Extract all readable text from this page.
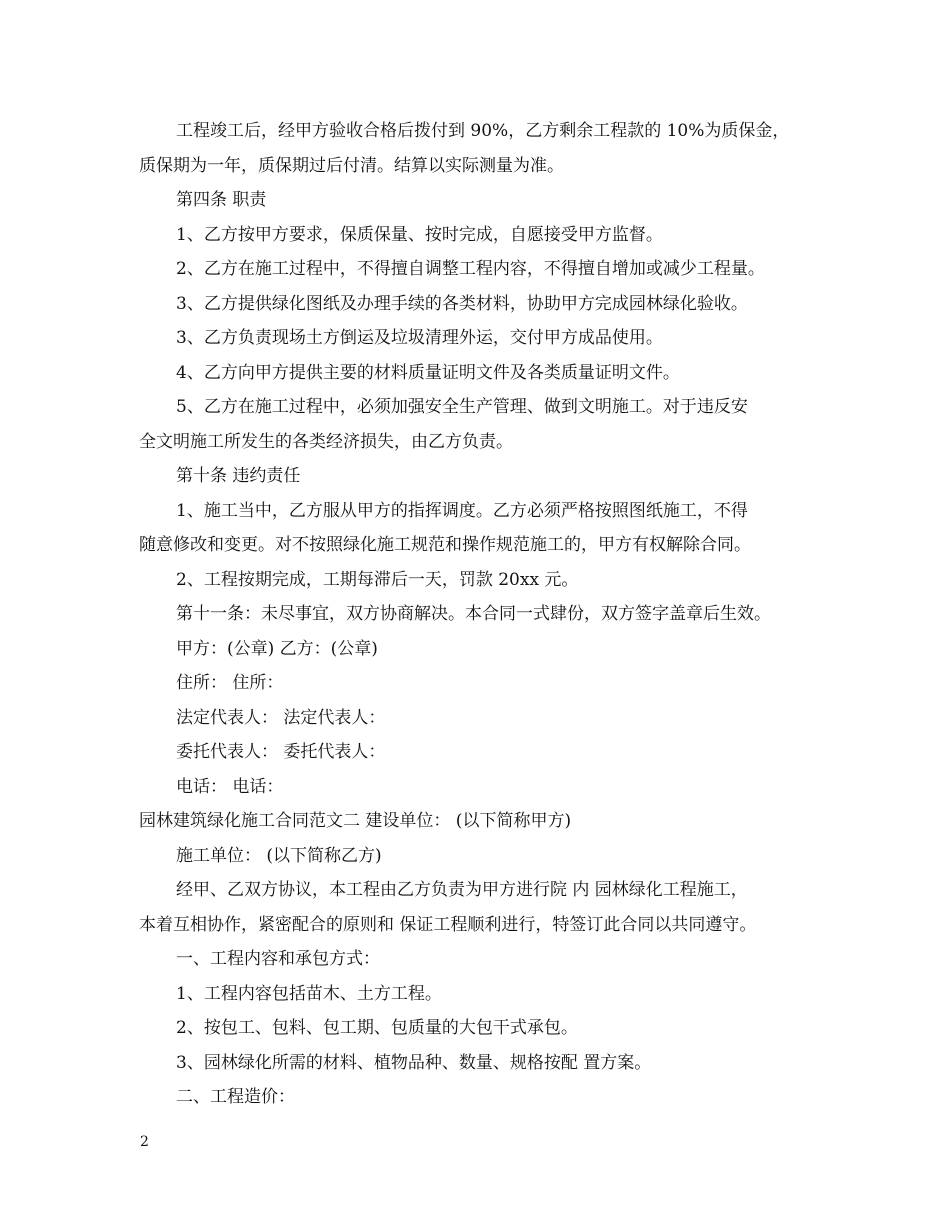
工程竣工后，经甲方验收合格后拨付到 90%，乙方剩余工程款的 10%为质保金，
质保期为一年，质保期过后付清。结算以实际测量为准。
第四条 职责
1、乙方按甲方要求，保质保量、按时完成，自愿接受甲方监督。
2、乙方在施工过程中，不得擅自调整工程内容，不得擅自增加或减少工程量。
3、乙方提供绿化图纸及办理手续的各类材料，协助甲方完成园林绿化验收。
3、乙方负责现场土方倒运及垃圾清理外运，交付甲方成品使用。
4、乙方向甲方提供主要的材料质量证明文件及各类质量证明文件。
5、乙方在施工过程中，必须加强安全生产管理、做到文明施工。对于违反安
全文明施工所发生的各类经济损失，由乙方负责。
第十条 违约责任
1、施工当中，乙方服从甲方的指挥调度。乙方必须严格按照图纸施工，不得
随意修改和变更。对不按照绿化施工规范和操作规范施工的，甲方有权解除合同。
2、工程按期完成，工期每滞后一天，罚款 20xx 元。
第十一条：未尽事宜，双方协商解决。本合同一式肆份，双方签字盖章后生效。
甲方：(公章) 乙方：(公章)
住所： 住所：
法定代表人： 法定代表人：
委托代表人： 委托代表人：
电话： 电话：
园林建筑绿化施工合同范文二 建设单位： (以下简称甲方)
施工单位： (以下简称乙方)
经甲、乙双方协议，本工程由乙方负责为甲方进行院 内 园林绿化工程施工，
本着互相协作，紧密配合的原则和 保证工程顺利进行，特签订此合同以共同遵守。
一、工程内容和承包方式：
1、工程内容包括苗木、土方工程。
2、按包工、包料、包工期、包质量的大包干式承包。
3、园林绿化所需的材料、植物品种、数量、规格按配 置方案。
二、工程造价：
2
